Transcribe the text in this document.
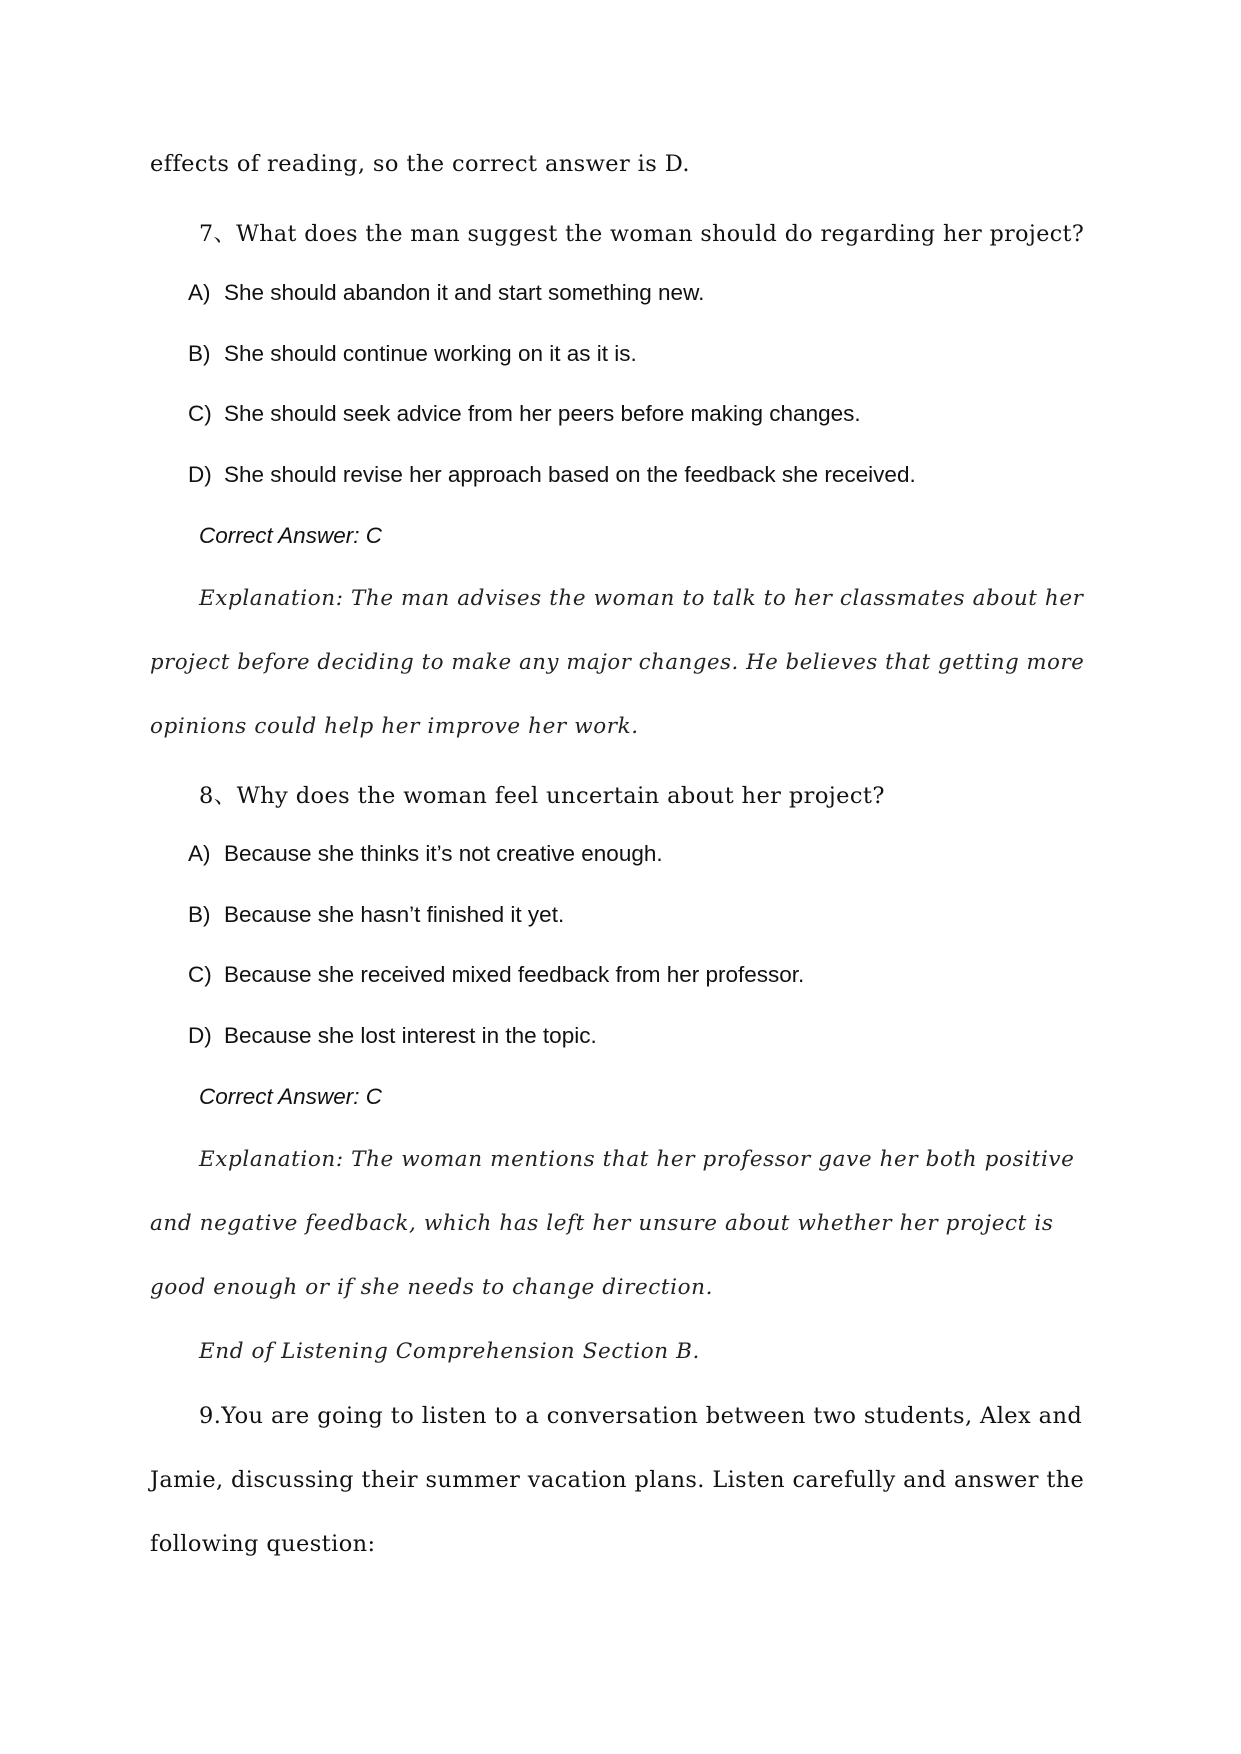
effects of reading, so the correct answer is D.
7、What does the man suggest the woman should do regarding her project?
A) She should abandon it and start something new.
B) She should continue working on it as it is.
C) She should seek advice from her peers before making changes.
D) She should revise her approach based on the feedback she received.
Correct Answer: C
Explanation: The man advises the woman to talk to her classmates about her
project before deciding to make any major changes. He believes that getting more
opinions could help her improve her work.
8、Why does the woman feel uncertain about her project?
A) Because she thinks it’s not creative enough.
B) Because she hasn’t finished it yet.
C) Because she received mixed feedback from her professor.
D) Because she lost interest in the topic.
Correct Answer: C
Explanation: The woman mentions that her professor gave her both positive
and negative feedback, which has left her unsure about whether her project is
good enough or if she needs to change direction.
End of Listening Comprehension Section B.
9.You are going to listen to a conversation between two students, Alex and
Jamie, discussing their summer vacation plans. Listen carefully and answer the
following question:
